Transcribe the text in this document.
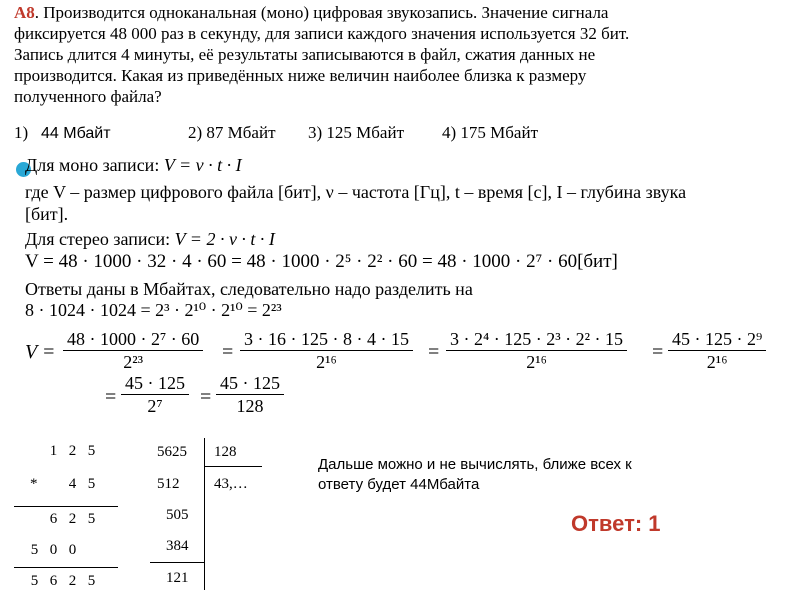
А8. Производится одноканальная (моно) цифровая звукозапись. Значение сигнала
фиксируется 48 000 раз в секунду, для записи каждого значения используется 32 бит.
Запись длится 4 минуты, её результаты записываются в файл, сжатия данных не
производится. Какая из приведённых ниже величин наиболее близка к размеру
полученного файла?
1) 44 Мбайт	2) 87 Мбайт 3) 125 Мбайт 4) 175 Мбайт
Для моно записи: V = ν · t · I
где V – размер цифрового файла [бит], ν – частота [Гц], t – время [с], I – глубина звука
[бит].
Для стерео записи: V = 2 · ν · t · I
V = 48 · 1000 · 32 · 4 · 60 = 48 · 1000 · 2⁵ · 2² · 60 = 48 · 1000 · 2⁷ · 60[бит]
Ответы даны в Мбайтах, следовательно надо разделить на
8 · 1024 · 1024 = 2³ · 2¹⁰ · 2¹⁰ = 2²³
$V = \frac{\text{48 · 1000 · 2⁷ · 60}}{\text{2²³}} = \frac{3 \cdot 16 \cdot 125 \cdot 8 \cdot 4 \cdot 15}{\text{2¹⁶}} = \frac{\text{3 · 2⁴ · 125 · 2³ · 2² · 15}}{\text{2¹⁶}} = \frac{\text{45 · 125 · 2⁹}}{\text{2¹⁶}}$
= $\frac{45 \cdot 125}{\text{2⁷}} = \frac{45 \cdot 125}{128}$
1 2 5
*	4 5
6 2 5
5 0 0
5 6 2 5
5625 128
512 43,…
505
384
121
Дальше можно и не вычислять, ближе всех к ответу будет 44Мбайта
Ответ: 1
